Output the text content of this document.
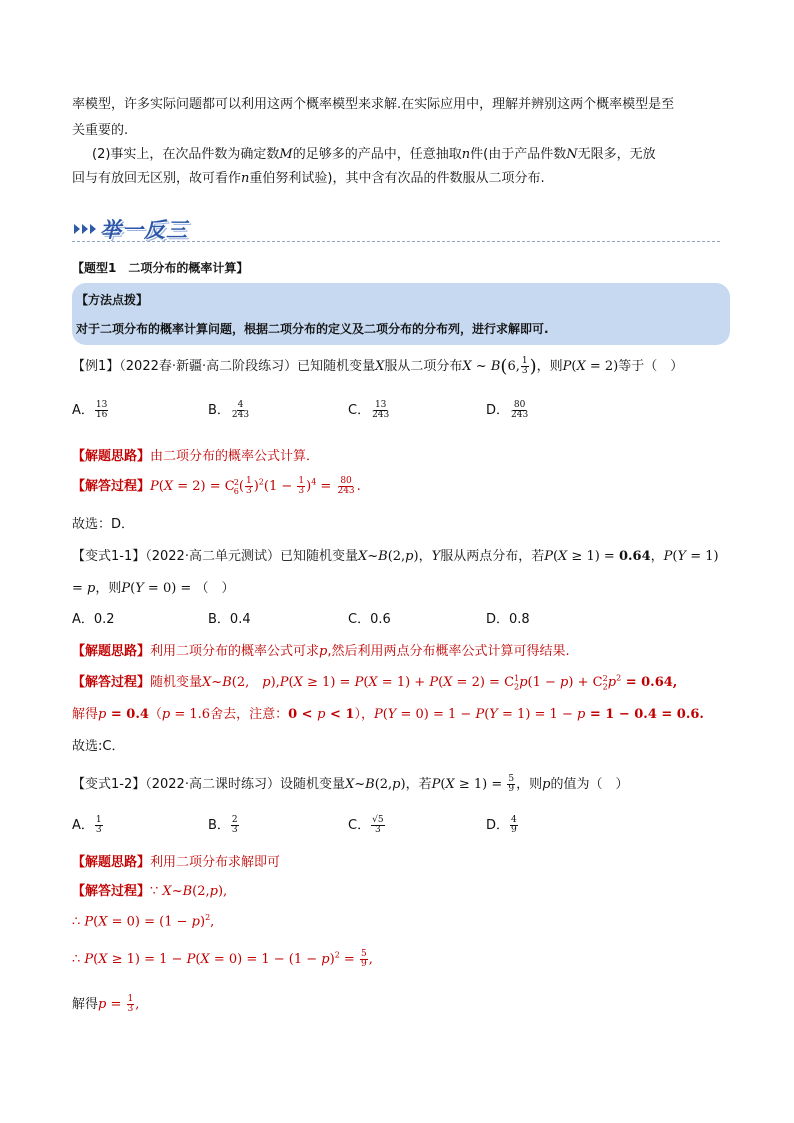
率模型，许多实际问题都可以利用这两个概率模型来求解.在实际应用中，理解并辨别这两个概率模型是至
关重要的.
(2)事实上，在次品件数为确定数M的足够多的产品中，任意抽取n件(由于产品件数N无限多，无放
回与有放回无区别，故可看作n重伯努利试验)，其中含有次品的件数服从二项分布.
举一反三
【题型1　二项分布的概率计算】
【方法点拨】
对于二项分布的概率计算问题，根据二项分布的定义及二项分布的分布列，进行求解即可.
【例1】（2022春·新疆·高二阶段练习）已知随机变量X服从二项分布X ~ B(6, $\frac{1}{3}$ )，则P(X = 2)等于（　）
A． $\frac{13}{16}$	B． $\frac{4}{243}$	C． $\frac{13}{243}$	D． $\frac{80}{243}$
【解题思路】由二项分布的概率公式计算．
【解答过程】$P(X = 2) = C_6^2( \frac{1}{3} )^2(1 - \frac{1}{3} )^4 = \frac{80}{243}$ .
故选：D．
【变式1-1】（2022·高二单元测试）已知随机变量X~B(2,p)，Y服从两点分布，若P(X ≥ 1) = 0.64，P(Y = 1)
= p，则P(Y = 0) = （　）
A．0.2	B．0.4	C．0.6	D．0.8
【解题思路】利用二项分布的概率公式可求p,然后利用两点分布概率公式计算可得结果.
【解答过程】随机变量X~B(2,　$p),P(X \ge 1) = P(X = 1) + P(X = 2) = C_2^1p(1 - p) + C_2^2p^2 = 0.64$,
解得p = 0.4（p = 1.6舍去，注意：0 < p < 1），P(Y = 0) = 1 − P(Y = 1) = 1 − p = 1 − 0.4 = 0.6.
故选:C．
【变式1-2】（2022·高二课时练习）设随机变量X~B(2,p)，若$P(X \ge 1) = \frac{5}{9}$ ，则p的值为（　）
A． $\frac{1}{3}$	B． $\frac{2}{3}$	C． $\frac{√5}{3}$	D． $\frac{4}{9}$
【解题思路】利用二项分布求解即可
【解答过程】∵ X~B(2,p),
∴ $P(X = 0) = (1 - p)^2$,
∴ $P(X \ge 1) = 1 - P(X = 0) = 1 - (1 - p)^2 = \frac{5}{9}$ ,
解得$p = \frac{1}{3}$ ,
